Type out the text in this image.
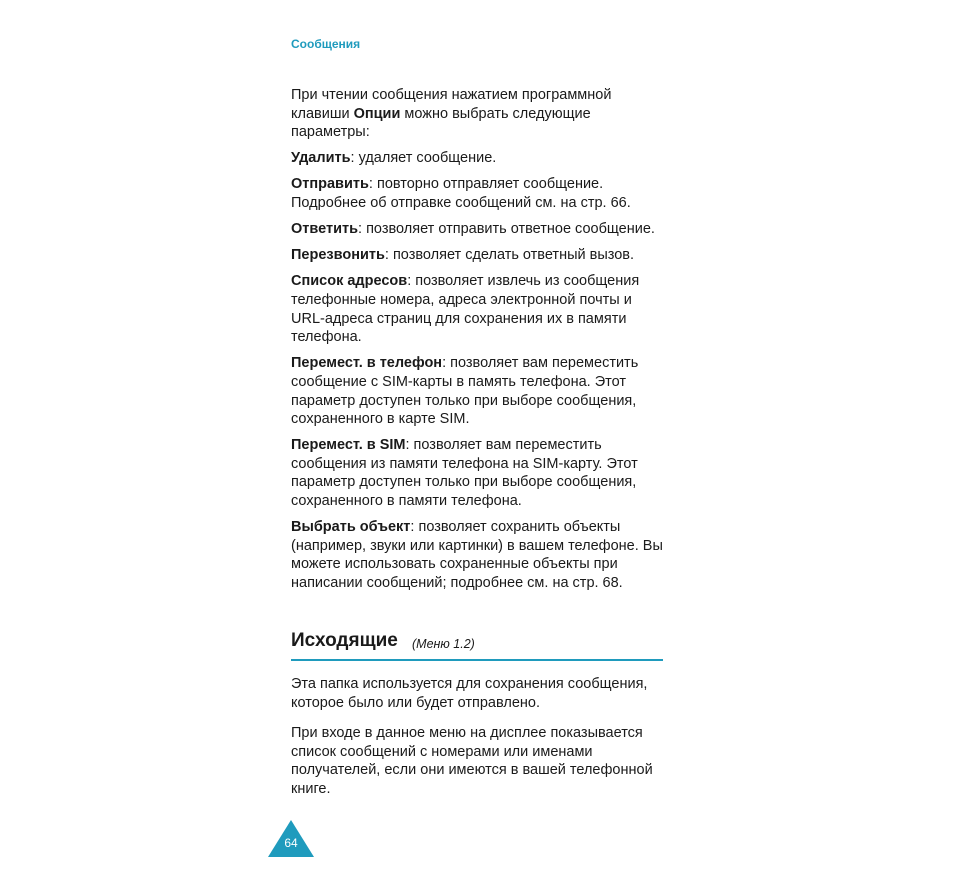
Сообщения

При чтении сообщения нажатием программной клавиши Опции можно выбрать следующие параметры:

Удалить: удаляет сообщение.

Отправить: повторно отправляет сообщение. Подробнее об отправке сообщений см. на стр. 66.

Ответить: позволяет отправить ответное сообщение.

Перезвонить: позволяет сделать ответный вызов.

Список адресов: позволяет извлечь из сообщения телефонные номера, адреса электронной почты и URL-адреса страниц для сохранения их в памяти телефона.

Перемест. в телефон: позволяет вам переместить сообщение с SIM-карты в память телефона. Этот параметр доступен только при выборе сообщения, сохраненного в карте SIM.

Перемест. в SIM: позволяет вам переместить сообщения из памяти телефона на SIM-карту. Этот параметр доступен только при выборе сообщения, сохраненного в памяти телефона.

Выбрать объект: позволяет сохранить объекты (например, звуки или картинки) в вашем телефоне. Вы можете использовать сохраненные объекты при написании сообщений; подробнее см. на стр. 68.

Исходящие (Меню 1.2)

Эта папка используется для сохранения сообщения, которое было или будет отправлено.

При входе в данное меню на дисплее показывается список сообщений с номерами или именами получателей, если они имеются в вашей телефонной книге.

64
